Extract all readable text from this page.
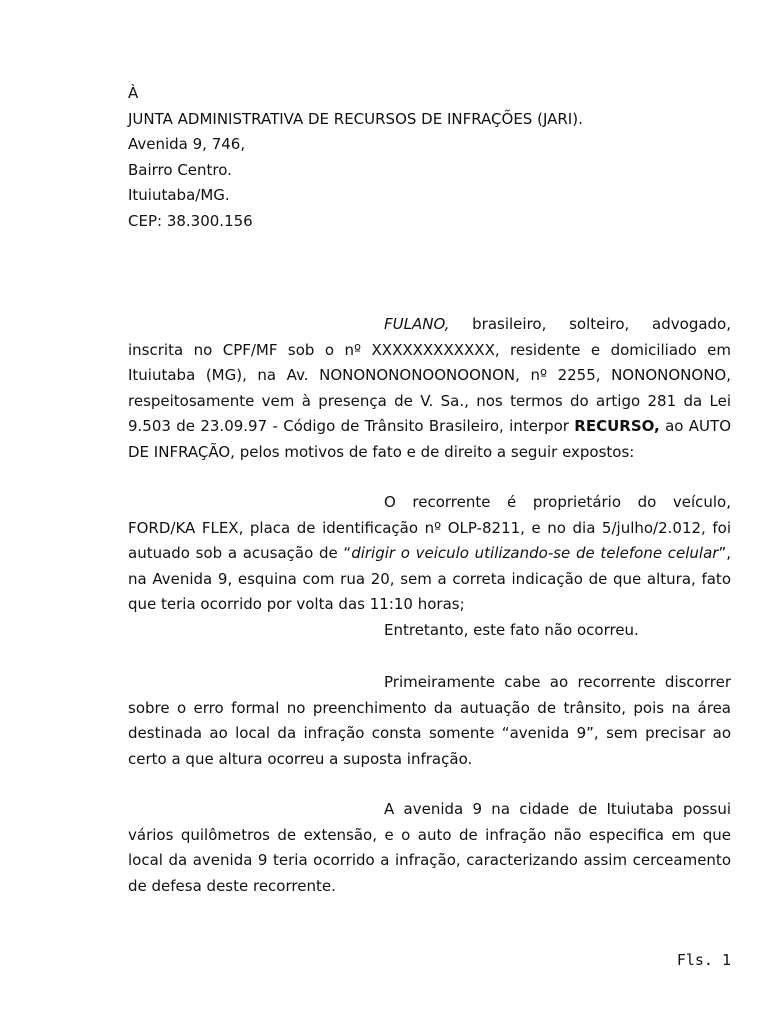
À
JUNTA ADMINISTRATIVA DE RECURSOS DE INFRAÇÕES (JARI).
Avenida 9, 746,
Bairro Centro.
Ituiutaba/MG.
CEP: 38.300.156
FULANO, brasileiro, solteiro, advogado, inscrita no CPF/MF sob o nº XXXXXXXXXXXX, residente e domiciliado em Ituiutaba (MG), na Av. NONONONONOONOONON, nº 2255, NONONONONO, respeitosamente vem à presença de V. Sa., nos termos do artigo 281 da Lei 9.503 de 23.09.97 - Código de Trânsito Brasileiro, interpor RECURSO, ao AUTO DE INFRAÇÃO, pelos motivos de fato e de direito a seguir expostos:
O recorrente é proprietário do veículo, FORD/KA FLEX, placa de identificação nº OLP-8211, e no dia 5/julho/2.012, foi autuado sob a acusação de “dirigir o veiculo utilizando-se de telefone celular”, na Avenida 9, esquina com rua 20, sem a correta indicação de que altura, fato que teria ocorrido por volta das 11:10 horas;
Entretanto, este fato não ocorreu.
Primeiramente cabe ao recorrente discorrer sobre o erro formal no preenchimento da autuação de trânsito, pois na área destinada ao local da infração consta somente “avenida 9”, sem precisar ao certo a que altura ocorreu a suposta infração.
A avenida 9 na cidade de Ituiutaba possui vários quilômetros de extensão, e o auto de infração não especifica em que local da avenida 9 teria ocorrido a infração, caracterizando assim cerceamento de defesa deste recorrente.
Fls. 1
